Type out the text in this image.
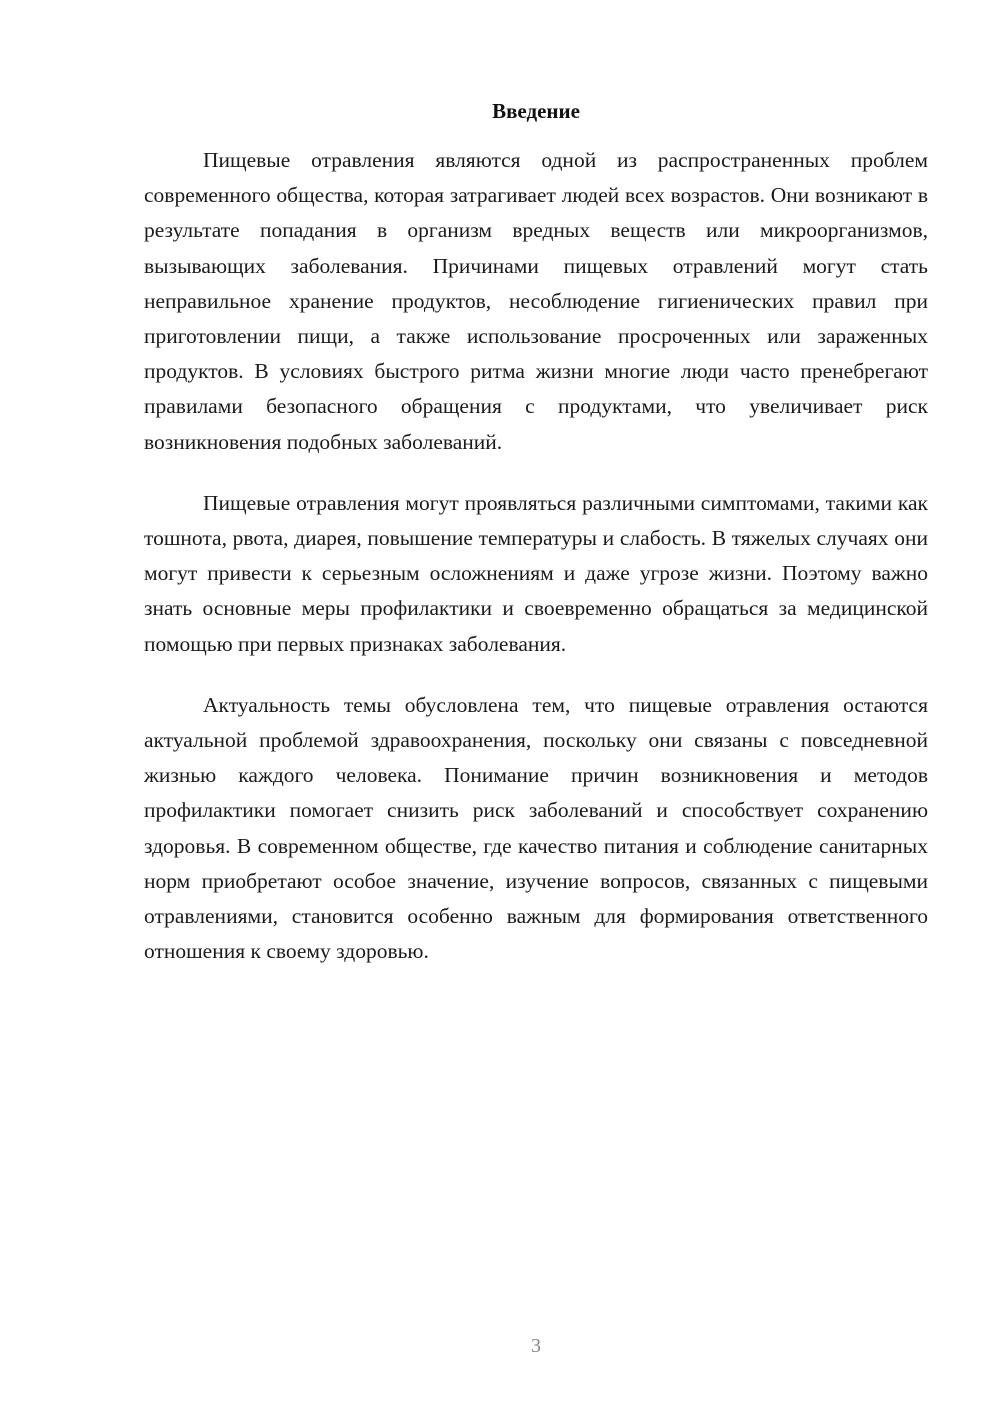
Введение

Пищевые отравления являются одной из распространенных проблем современного общества, которая затрагивает людей всех возрастов. Они возникают в результате попадания в организм вредных веществ или микроорганизмов, вызывающих заболевания. Причинами пищевых отравлений могут стать неправильное хранение продуктов, несоблюдение гигиенических правил при приготовлении пищи, а также использование просроченных или зараженных продуктов. В условиях быстрого ритма жизни многие люди часто пренебрегают правилами безопасного обращения с продуктами, что увеличивает риск возникновения подобных заболеваний.

Пищевые отравления могут проявляться различными симптомами, такими как тошнота, рвота, диарея, повышение температуры и слабость. В тяжелых случаях они могут привести к серьезным осложнениям и даже угрозе жизни. Поэтому важно знать основные меры профилактики и своевременно обращаться за медицинской помощью при первых признаках заболевания.

Актуальность темы обусловлена тем, что пищевые отравления остаются актуальной проблемой здравоохранения, поскольку они связаны с повседневной жизнью каждого человека. Понимание причин возникновения и методов профилактики помогает снизить риск заболеваний и способствует сохранению здоровья. В современном обществе, где качество питания и соблюдение санитарных норм приобретают особое значение, изучение вопросов, связанных с пищевыми отравлениями, становится особенно важным для формирования ответственного отношения к своему здоровью.

3
